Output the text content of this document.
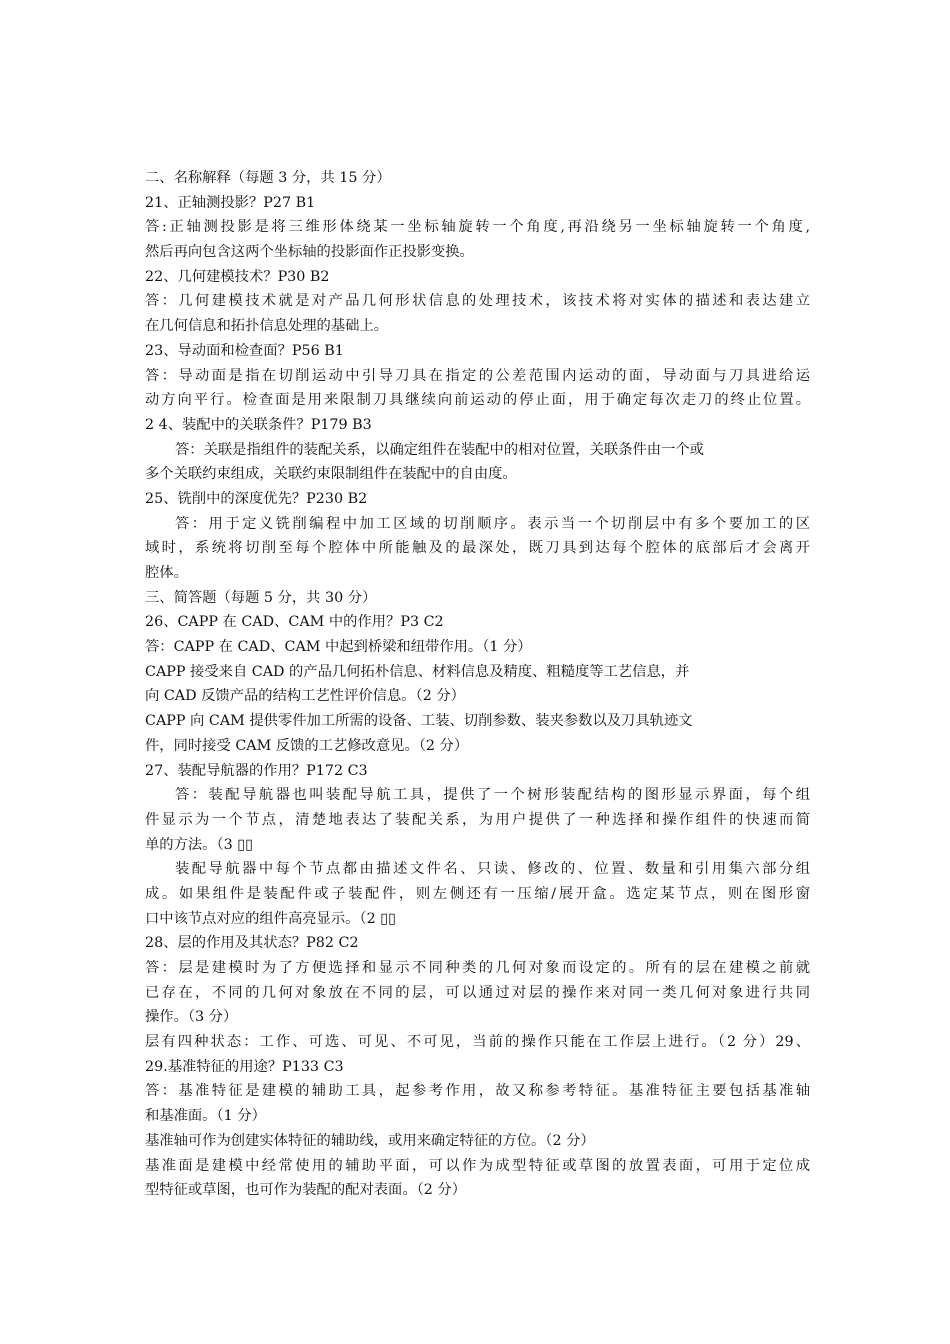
二、名称解释（每题 3 分，共 15 分）
21、正轴测投影？P27 B1
答:正轴测投影是将三维形体绕某一坐标轴旋转一个角度,再沿绕另一坐标轴旋转一个角度,
然后再向包含这两个坐标轴的投影面作正投影变换。
22、几何建模技术？P30 B2
答：几何建模技术就是对产品几何形状信息的处理技术，该技术将对实体的描述和表达建立
在几何信息和拓扑信息处理的基础上。
23、导动面和检查面？P56 B1
答：导动面是指在切削运动中引导刀具在指定的公差范围内运动的面，导动面与刀具进给运
动方向平行。检查面是用来限制刀具继续向前运动的停止面，用于确定每次走刀的终止位置。
2 4、装配中的关联条件？P179 B3
答：关联是指组件的装配关系，以确定组件在装配中的相对位置，关联条件由一个或
多个关联约束组成，关联约束限制组件在装配中的自由度。
25、铣削中的深度优先？P230 B2
答：用于定义铣削编程中加工区域的切削顺序。表示当一个切削层中有多个要加工的区
域时，系统将切削至每个腔体中所能触及的最深处，既刀具到达每个腔体的底部后才会离开
腔体。
三、简答题（每题 5 分，共 30 分）
26、CAPP 在 CAD、CAM 中的作用？P3 C2
答：CAPP 在 CAD、CAM 中起到桥梁和纽带作用。（1 分）
CAPP 接受来自 CAD 的产品几何拓朴信息、材料信息及精度、粗糙度等工艺信息，并
向 CAD 反馈产品的结构工艺性评价信息。（2 分）
CAPP 向 CAM 提供零件加工所需的设备、工装、切削参数、装夹参数以及刀具轨迹文
件，同时接受 CAM 反馈的工艺修改意见。（2 分）
27、装配导航器的作用？P172 C3
答：装配导航器也叫装配导航工具，提供了一个树形装配结构的图形显示界面，每个组
件显示为一个节点，清楚地表达了装配关系，为用户提供了一种选择和操作组件的快速而简
单的方法。（3 ▯▯
装配导航器中每个节点都由描述文件名、只读、修改的、位置、数量和引用集六部分组
成。如果组件是装配件或子装配件，则左侧还有一压缩/展开盒。选定某节点，则在图形窗
口中该节点对应的组件高亮显示。（2 ▯▯
28、层的作用及其状态？P82 C2
答：层是建模时为了方便选择和显示不同种类的几何对象而设定的。所有的层在建模之前就
已存在，不同的几何对象放在不同的层，可以通过对层的操作来对同一类几何对象进行共同
操作。（3 分）
层有四种状态：工作、可选、可见、不可见，当前的操作只能在工作层上进行。（2 分）29、
29.基准特征的用途？P133 C3
答：基准特征是建模的辅助工具，起参考作用，故又称参考特征。基准特征主要包括基准轴
和基准面。（1 分）
基准轴可作为创建实体特征的辅助线，或用来确定特征的方位。（2 分）
基准面是建模中经常使用的辅助平面，可以作为成型特征或草图的放置表面，可用于定位成
型特征或草图，也可作为装配的配对表面。（2 分）
